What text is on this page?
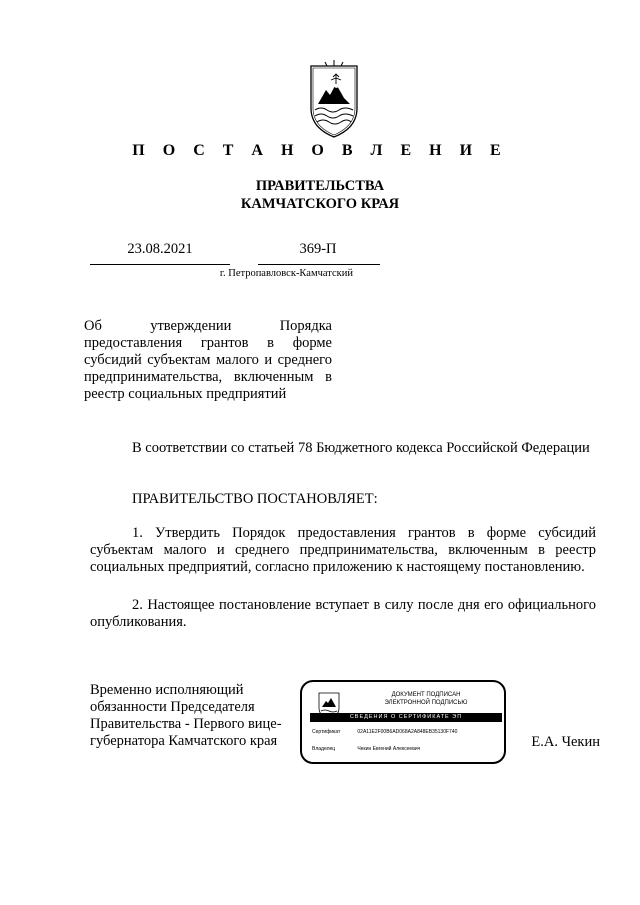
П О С Т А Н О В Л Е Н И Е
ПРАВИТЕЛЬСТВА
КАМЧАТСКОГО КРАЯ
23.08.2021	369-П
г. Петропавловск-Камчатский
Об утверждении Порядка предоставления грантов в форме субсидий субъектам малого и среднего предпринимательства, включенным в реестр социальных предприятий
В соответствии со статьей 78 Бюджетного кодекса Российской Федерации
ПРАВИТЕЛЬСТВО ПОСТАНОВЛЯЕТ:
1. Утвердить Порядок предоставления грантов в форме субсидий субъектам малого и среднего предпринимательства, включенным в реестр социальных предприятий, согласно приложению к настоящему постановлению.
2. Настоящее постановление вступает в силу после дня его официального опубликования.
Временно исполняющий обязанности Председателя Правительства - Первого вице-губернатора Камчатского края
ДОКУМЕНТ ПОДПИСАН
ЭЛЕКТРОННОЙ ПОДПИСЬЮ
СВЕДЕНИЯ О СЕРТИФИКАТЕ ЭП
Сертификат	02A11E2F00B6AD068A2A848EB35130F740
Владелец	Чекин Евгений Алексеевич	Е.А. Чекин
